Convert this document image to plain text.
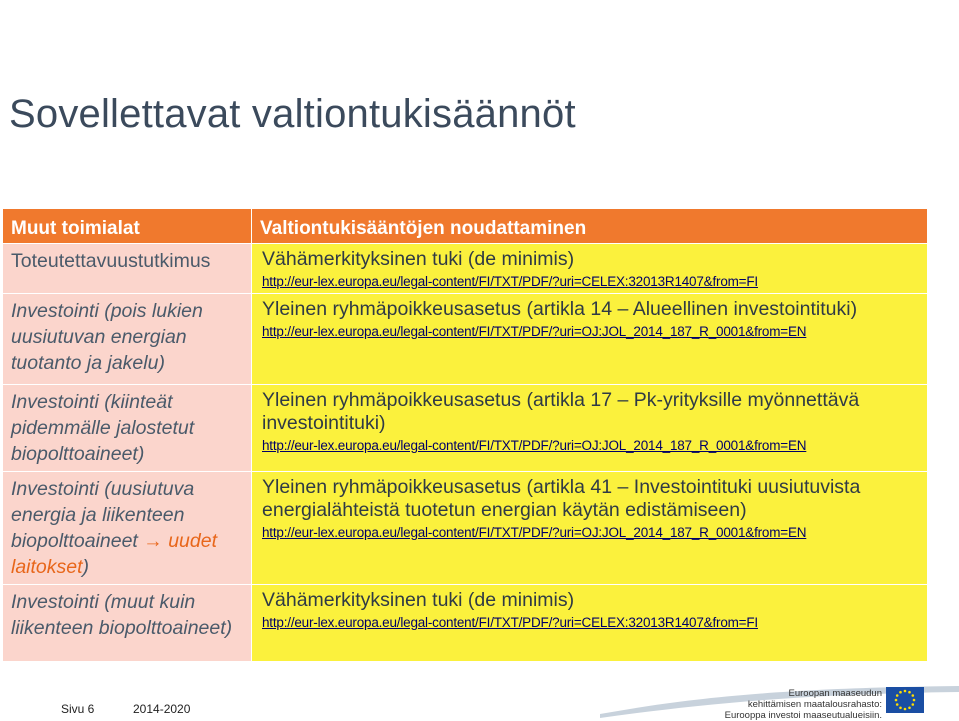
Sovellettavat valtiontukisäännöt
Muut toimialat	Valtiontukisääntöjen noudattaminen

Toteutettavuustutkimus	Vähämerkityksinen tuki (de minimis)
http://eur-lex.europa.eu/legal-content/FI/TXT/PDF/?uri=CELEX:32013R1407&from=FI

Investointi (pois lukien uusiutuvan energian tuotanto ja jakelu)	Yleinen ryhmäpoikkeusasetus (artikla 14 – Alueellinen investointituki)
http://eur-lex.europa.eu/legal-content/FI/TXT/PDF/?uri=OJ:JOL_2014_187_R_0001&from=EN

Investointi (kiinteät pidemmälle jalostetut biopolttoaineet)	Yleinen ryhmäpoikkeusasetus (artikla 17 – Pk-yrityksille myönnettävä investointituki)
http://eur-lex.europa.eu/legal-content/FI/TXT/PDF/?uri=OJ:JOL_2014_187_R_0001&from=EN

Investointi (uusiutuva energia ja liikenteen biopolttoaineet → uudet laitokset)	Yleinen ryhmäpoikkeusasetus (artikla 41 – Investointituki uusiutuvista energialähteistä tuotetun energian käytän edistämiseen)
http://eur-lex.europa.eu/legal-content/FI/TXT/PDF/?uri=OJ:JOL_2014_187_R_0001&from=EN

Investointi (muut kuin liikenteen biopolttoaineet)	Vähämerkityksinen tuki (de minimis)
http://eur-lex.europa.eu/legal-content/FI/TXT/PDF/?uri=CELEX:32013R1407&from=FI
Sivu 6	2014-2020
Euroopan maaseudun
kehittämisen maatalousrahasto:
Eurooppa investoi maaseutualueisiin.
